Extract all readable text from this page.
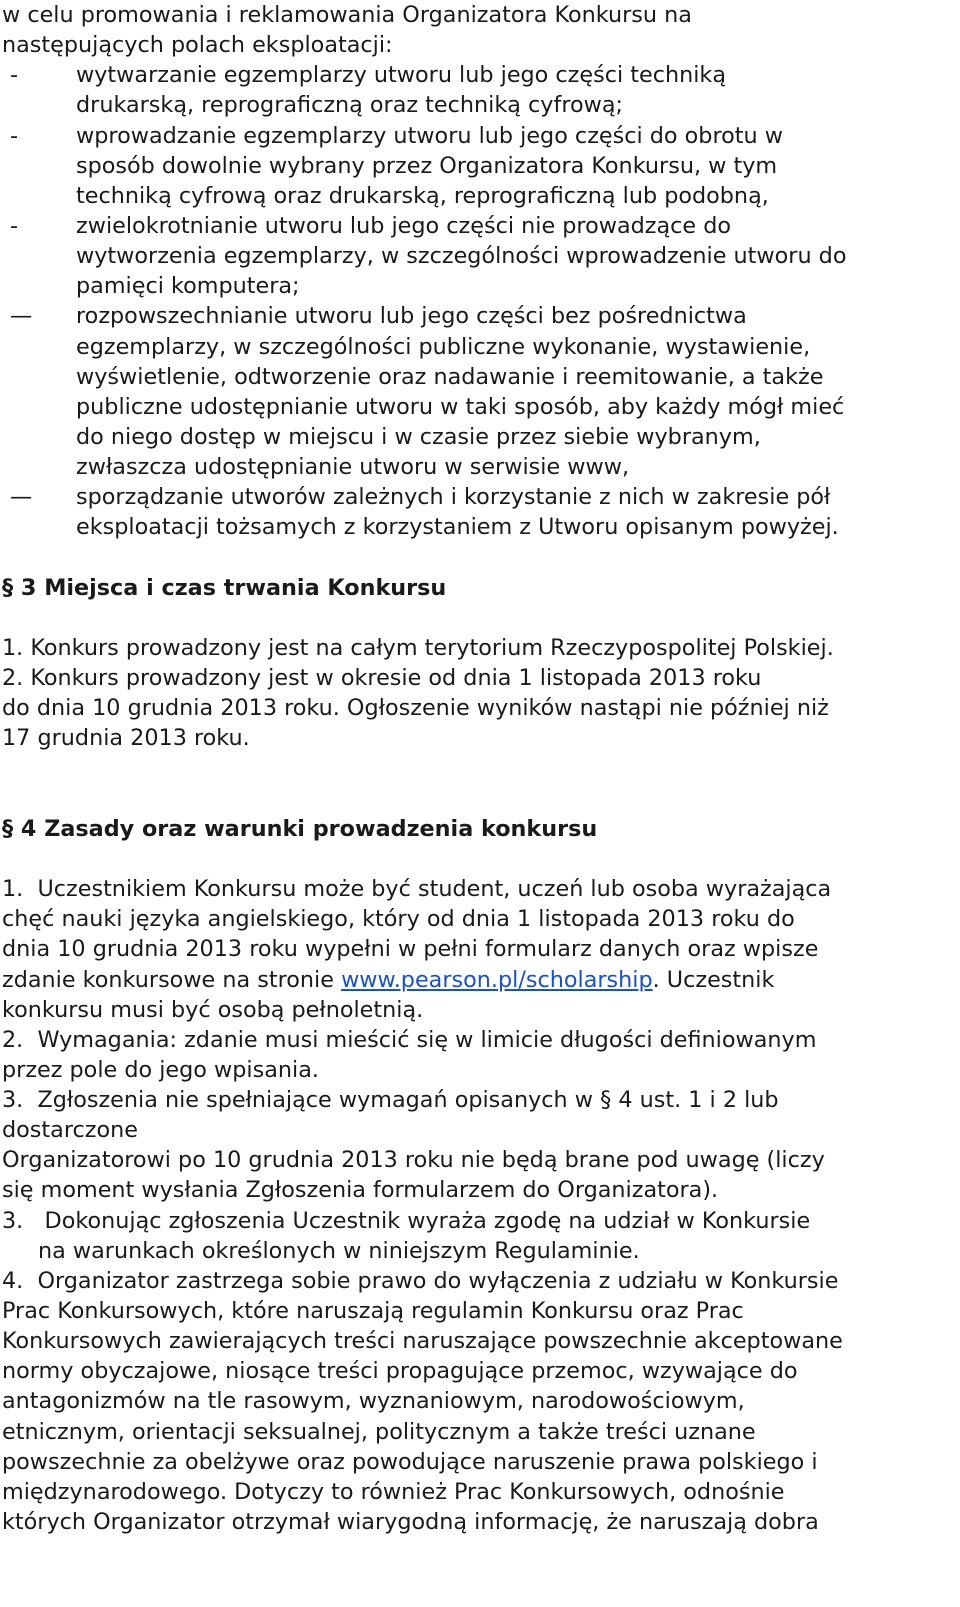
w celu promowania i reklamowania Organizatora Konkursu na
następujących polach eksploatacji:
-	wytwarzanie egzemplarzy utworu lub jego części techniką
drukarską, reprograficzną oraz techniką cyfrową;
-	wprowadzanie egzemplarzy utworu lub jego części do obrotu w
sposób dowolnie wybrany przez Organizatora Konkursu, w tym
techniką cyfrową oraz drukarską, reprograficzną lub podobną,
-	zwielokrotnianie utworu lub jego części nie prowadzące do
wytworzenia egzemplarzy, w szczególności wprowadzenie utworu do
pamięci komputera;
—	rozpowszechnianie utworu lub jego części bez pośrednictwa
egzemplarzy, w szczególności publiczne wykonanie, wystawienie,
wyświetlenie, odtworzenie oraz nadawanie i reemitowanie, a także
publiczne udostępnianie utworu w taki sposób, aby każdy mógł mieć
do niego dostęp w miejscu i w czasie przez siebie wybranym,
zwłaszcza udostępnianie utworu w serwisie www,
—	sporządzanie utworów zależnych i korzystanie z nich w zakresie pół
eksploatacji tożsamych z korzystaniem z Utworu opisanym powyżej.
§ 3 Miejsca i czas trwania Konkursu
1. Konkurs prowadzony jest na całym terytorium Rzeczypospolitej Polskiej.
2. Konkurs prowadzony jest w okresie od dnia 1 listopada 2013 roku
do dnia 10 grudnia 2013 roku. Ogłoszenie wyników nastąpi nie później niż
17 grudnia 2013 roku.
§ 4 Zasady oraz warunki prowadzenia konkursu
1.  Uczestnikiem Konkursu może być student, uczeń lub osoba wyrażająca
chęć nauki języka angielskiego, który od dnia 1 listopada 2013 roku do
dnia 10 grudnia 2013 roku wypełni w pełni formularz danych oraz wpisze
zdanie konkursowe na stronie www.pearson.pl/scholarship. Uczestnik
konkursu musi być osobą pełnoletnią.
2.  Wymagania: zdanie musi mieścić się w limicie długości definiowanym
przez pole do jego wpisania.
3.  Zgłoszenia nie spełniające wymagań opisanych w § 4 ust. 1 i 2 lub
dostarczone
Organizatorowi po 10 grudnia 2013 roku nie będą brane pod uwagę (liczy
się moment wysłania Zgłoszenia formularzem do Organizatora).
3.   Dokonując zgłoszenia Uczestnik wyraża zgodę na udział w Konkursie
na warunkach określonych w niniejszym Regulaminie.
4.  Organizator zastrzega sobie prawo do wyłączenia z udziału w Konkursie
Prac Konkursowych, które naruszają regulamin Konkursu oraz Prac
Konkursowych zawierających treści naruszające powszechnie akceptowane
normy obyczajowe, niosące treści propagujące przemoc, wzywające do
antagonizmów na tle rasowym, wyznaniowym, narodowościowym,
etnicznym, orientacji seksualnej, politycznym a także treści uznane
powszechnie za obelżywe oraz powodujące naruszenie prawa polskiego i
międzynarodowego. Dotyczy to również Prac Konkursowych, odnośnie
których Organizator otrzymał wiarygodną informację, że naruszają dobra
